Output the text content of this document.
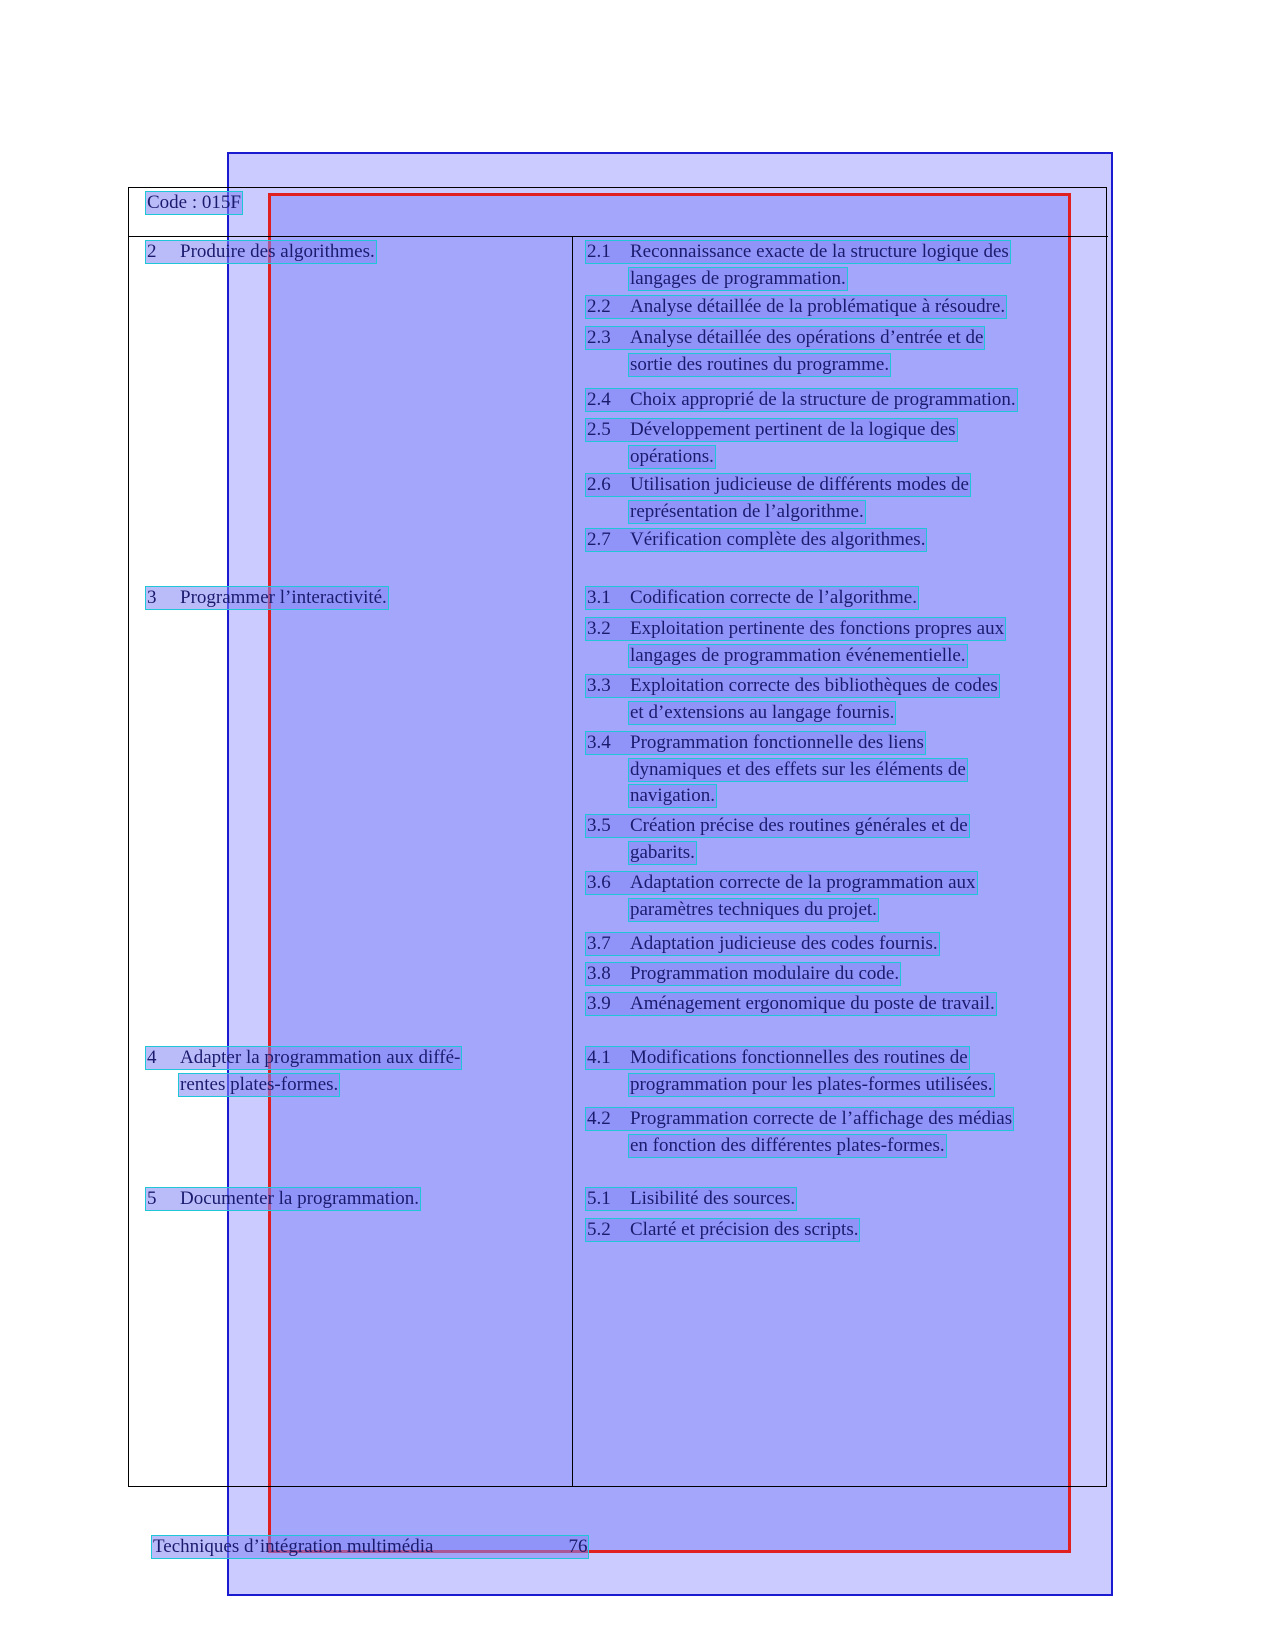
Code : 015F
2 Produire des algorithmes.
3 Programmer l’interactivité.
4 Adapter la programmation aux diffé-
rentes plates-formes.
5 Documenter la programmation.
2.1 Reconnaissance exacte de la structure logique des
langages de programmation.
2.2 Analyse détaillée de la problématique à résoudre.
2.3 Analyse détaillée des opérations d’entrée et de
sortie des routines du programme.
2.4 Choix approprié de la structure de programmation.
2.5 Développement pertinent de la logique des
opérations.
2.6 Utilisation judicieuse de différents modes de
représentation de l’algorithme.
2.7 Vérification complète des algorithmes.
3.1 Codification correcte de l’algorithme.
3.2 Exploitation pertinente des fonctions propres aux
langages de programmation événementielle.
3.3 Exploitation correcte des bibliothèques de codes
et d’extensions au langage fournis.
3.4 Programmation fonctionnelle des liens
dynamiques et des effets sur les éléments de
navigation.
3.5 Création précise des routines générales et de
gabarits.
3.6 Adaptation correcte de la programmation aux
paramètres techniques du projet.
3.7 Adaptation judicieuse des codes fournis.
3.8 Programmation modulaire du code.
3.9 Aménagement ergonomique du poste de travail.
4.1 Modifications fonctionnelles des routines de
programmation pour les plates-formes utilisées.
4.2 Programmation correcte de l’affichage des médias
en fonction des différentes plates-formes.
5.1 Lisibilité des sources.
5.2 Clarté et précision des scripts.
Techniques d’intégration multimédia	76
